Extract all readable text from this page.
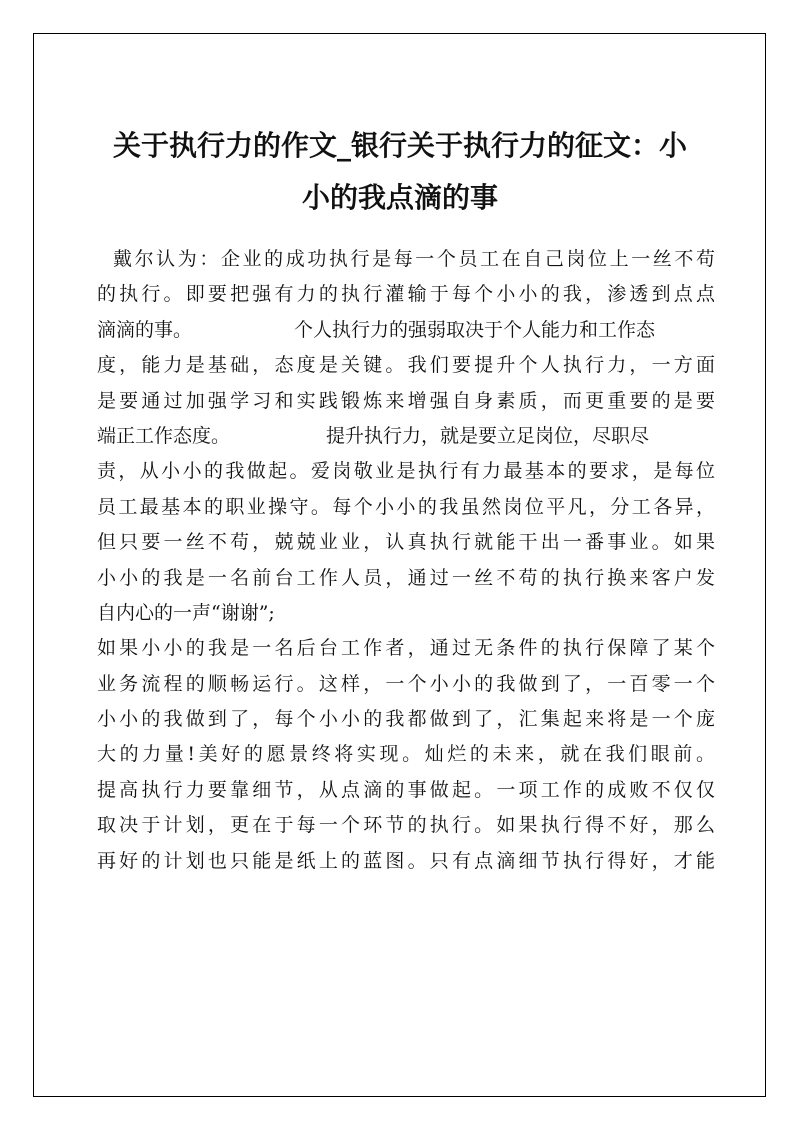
关于执行力的作文_银行关于执行力的征文：小
小的我点滴的事
戴尔认为：企业的成功执行是每一个员工在自己岗位上一丝不苟
的执行。即要把强有力的执行灌输于每个小小的我，渗透到点点
滴滴的事。	个人执行力的强弱取决于个人能力和工作态
度，能力是基础，态度是关键。我们要提升个人执行力，一方面
是要通过加强学习和实践锻炼来增强自身素质，而更重要的是要
端正工作态度。	提升执行力，就是要立足岗位，尽职尽
责，从小小的我做起。爱岗敬业是执行有力最基本的要求，是每位
员工最基本的职业操守。每个小小的我虽然岗位平凡，分工各异，
但只要一丝不苟，兢兢业业，认真执行就能干出一番事业。如果
小小的我是一名前台工作人员，通过一丝不苟的执行换来客户发
自内心的一声“谢谢”;
如果小小的我是一名后台工作者，通过无条件的执行保障了某个
业务流程的顺畅运行。这样，一个小小的我做到了，一百零一个
小小的我做到了，每个小小的我都做到了，汇集起来将是一个庞
大的力量!美好的愿景终将实现。灿烂的未来，就在我们眼前。
提高执行力要靠细节，从点滴的事做起。一项工作的成败不仅仅
取决于计划，更在于每一个环节的执行。如果执行得不好，那么
再好的计划也只能是纸上的蓝图。只有点滴细节执行得好，才能
